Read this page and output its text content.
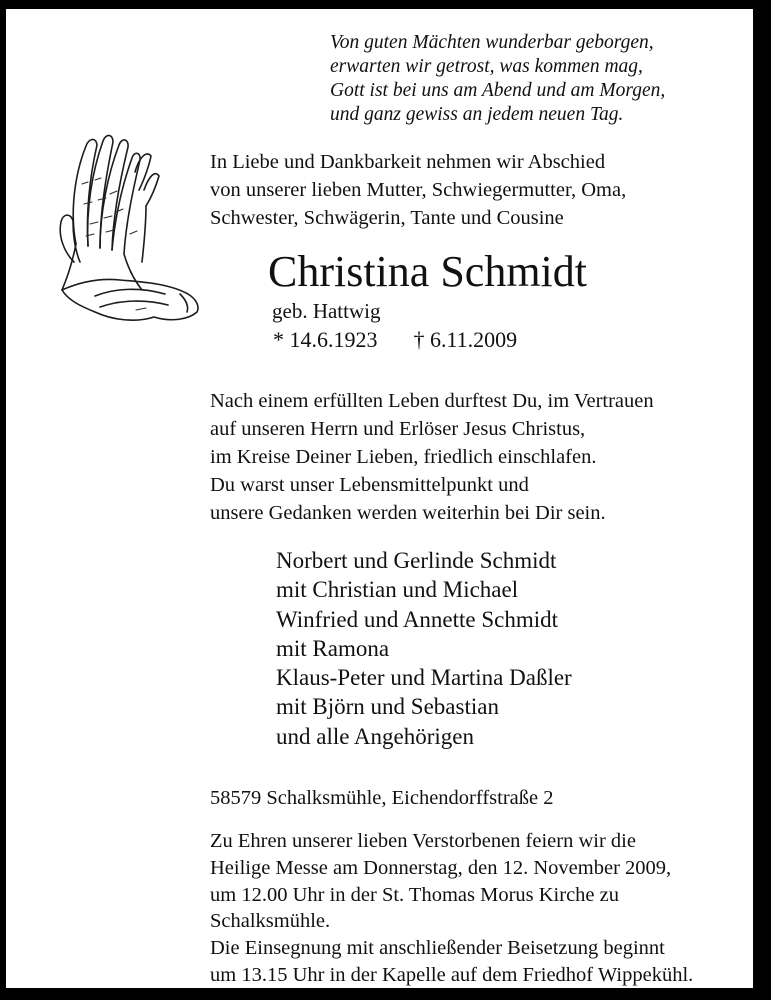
Von guten Mächten wunderbar geborgen,
erwarten wir getrost, was kommen mag,
Gott ist bei uns am Abend und am Morgen,
und ganz gewiss an jedem neuen Tag.
In Liebe und Dankbarkeit nehmen wir Abschied
von unserer lieben Mutter, Schwiegermutter, Oma,
Schwester, Schwägerin, Tante und Cousine
Christina Schmidt
geb. Hattwig
* 14.6.1923 † 6.11.2009
Nach einem erfüllten Leben durftest Du, im Vertrauen
auf unseren Herrn und Erlöser Jesus Christus,
im Kreise Deiner Lieben, friedlich einschlafen.
Du warst unser Lebensmittelpunkt und
unsere Gedanken werden weiterhin bei Dir sein.
Norbert und Gerlinde Schmidt
mit Christian und Michael
Winfried und Annette Schmidt
mit Ramona
Klaus-Peter und Martina Daßler
mit Björn und Sebastian
und alle Angehörigen
58579 Schalksmühle, Eichendorffstraße 2
Zu Ehren unserer lieben Verstorbenen feiern wir die
Heilige Messe am Donnerstag, den 12. November 2009,
um 12.00 Uhr in der St. Thomas Morus Kirche zu
Schalksmühle.
Die Einsegnung mit anschließender Beisetzung beginnt
um 13.15 Uhr in der Kapelle auf dem Friedhof Wippekühl.
